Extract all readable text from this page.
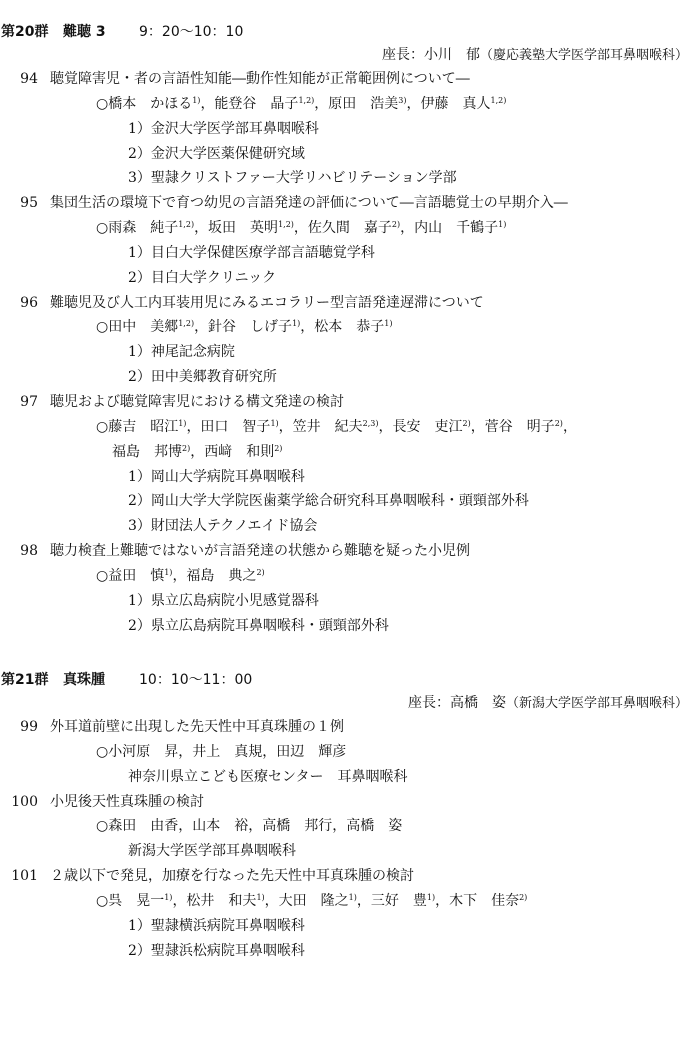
第20群 難聴 3 9：20～10：10
座長：小川　郁（慶応義塾大学医学部耳鼻咽喉科）
94 聴覚障害児・者の言語性知能―動作性知能が正常範囲例について―
○橋本　かほる$^{1)}$，能登谷　晶子$^{1,2)}$，原田　浩美$^{3)}$，伊藤　真人$^{1,2)}$
1）金沢大学医学部耳鼻咽喉科
2）金沢大学医薬保健研究域
3）聖隷クリストファー大学リハビリテーション学部
95 集団生活の環境下で育つ幼児の言語発達の評価について―言語聴覚士の早期介入―
○雨森　純子$^{1,2)}$，坂田　英明$^{1,2)}$，佐久間　嘉子$^{2)}$，内山　千鶴子$^{1)}$
1）目白大学保健医療学部言語聴覚学科
2）目白大学クリニック
96 難聴児及び人工内耳装用児にみるエコラリー型言語発達遅滞について
○田中　美郷$^{1,2)}$，針谷　しげ子$^{1)}$，松本　恭子$^{1)}$
1）神尾記念病院
2）田中美郷教育研究所
97 聴児および聴覚障害児における構文発達の検討
○藤吉　昭江$^{1)}$，田口　智子$^{1)}$，笠井　紀夫$^{2,3)}$，長安　吏江$^{2)}$，菅谷　明子$^{2)}$，
福島　邦博$^{2)}$，西﨑　和則$^{2)}$
1）岡山大学病院耳鼻咽喉科
2）岡山大学大学院医歯薬学総合研究科耳鼻咽喉科・頭頸部外科
3）財団法人テクノエイド協会
98 聴力検査上難聴ではないが言語発達の状態から難聴を疑った小児例
○益田　慎$^{1)}$，福島　典之$^{2)}$
1）県立広島病院小児感覚器科
2）県立広島病院耳鼻咽喉科・頭頸部外科
第21群 真珠腫 10：10～11：00
座長：高橋　姿（新潟大学医学部耳鼻咽喉科）
99 外耳道前壁に出現した先天性中耳真珠腫の１例
○小河原　昇，井上　真規，田辺　輝彦
神奈川県立こども医療センター　耳鼻咽喉科
100 小児後天性真珠腫の検討
○森田　由香，山本　裕，高橋　邦行，高橋　姿
新潟大学医学部耳鼻咽喉科
101 ２歳以下で発見，加療を行なった先天性中耳真珠腫の検討
○呉　晃一$^{1)}$，松井　和夫$^{1)}$，大田　隆之$^{1)}$，三好　豊$^{1)}$，木下　佳奈$^{2)}$
1）聖隷横浜病院耳鼻咽喉科
2）聖隷浜松病院耳鼻咽喉科
